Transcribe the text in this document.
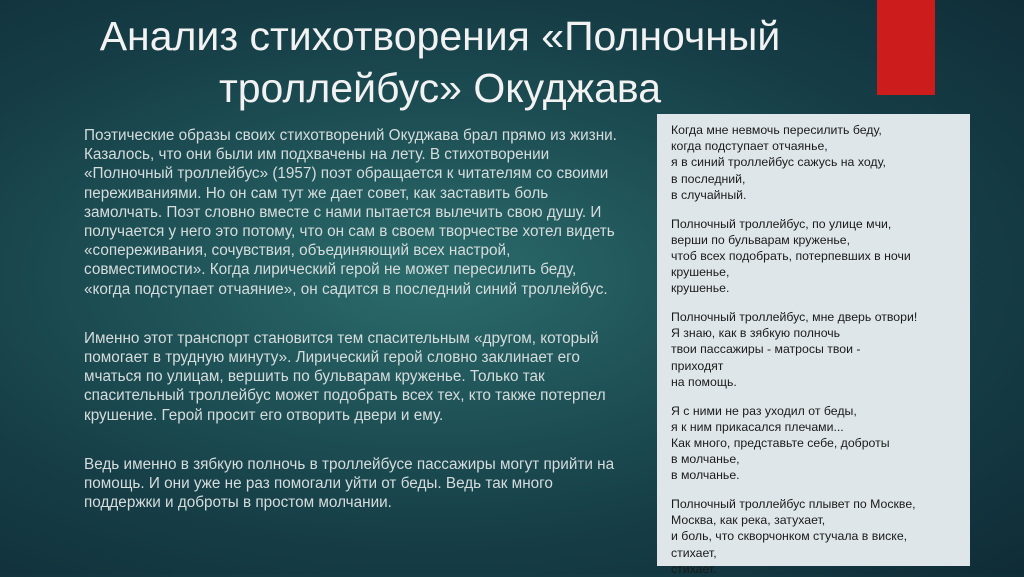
Анализ стихотворения «Полночный
троллейбус» Окуджава

Поэтические образы своих стихотворений Окуджава брал прямо из жизни. Казалось, что они были им подхвачены на лету. В стихотворении «Полночный троллейбус» (1957) поэт обращается к читателям со своими переживаниями. Но он сам тут же дает совет, как заставить боль замолчать. Поэт словно вместе с нами пытается вылечить свою душу. И получается у него это потому, что он сам в своем творчестве хотел видеть «сопереживания, сочувствия, объединяющий всех настрой, совместимости». Когда лирический герой не может пересилить беду, «когда подступает отчаяние», он садится в последний синий троллейбус.

Именно этот транспорт становится тем спасительным «другом, который помогает в трудную минуту». Лирический герой словно заклинает его мчаться по улицам, вершить по бульварам круженье. Только так спасительный троллейбус может подобрать всех тех, кто также потерпел крушение. Герой просит его отворить двери и ему.

Ведь именно в зябкую полночь в троллейбусе пассажиры могут прийти на помощь. И они уже не раз помогали уйти от беды. Ведь так много поддержки и доброты в простом молчании.

Когда мне невмочь пересилить беду,
когда подступает отчаянье,
я в синий троллейбус сажусь на ходу,
в последний,
в случайный.
Полночный троллейбус, по улице мчи,
верши по бульварам круженье,
чтоб всех подобрать, потерпевших в ночи
крушенье,
крушенье.
Полночный троллейбус, мне дверь отвори!
Я знаю, как в зябкую полночь
твои пассажиры - матросы твои -
приходят
на помощь.
Я с ними не раз уходил от беды,
я к ним прикасался плечами...
Как много, представьте себе, доброты
в молчанье,
в молчанье.
Полночный троллейбус плывет по Москве,
Москва, как река, затухает,
и боль, что скворчонком стучала в виске,
стихает,
стихает.
